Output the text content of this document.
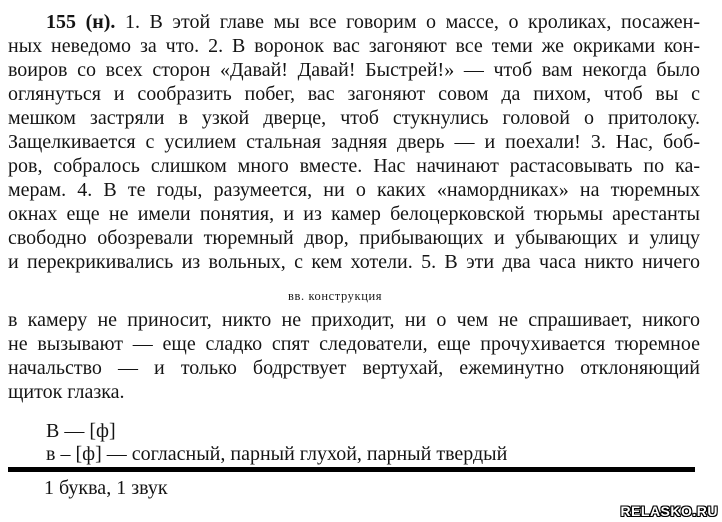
155 (н). 1. В этой главе мы все говорим о массе, о кроликах, посажен-
ных неведомо за что. 2. В воронок вас загоняют все теми же окриками кон-
воиров со всех сторон «Давай! Давай! Быстрей!» — чтоб вам некогда было
оглянуться и сообразить побег, вас загоняют совом да пихом, чтоб вы с
мешком застряли в узкой дверце, чтоб стукнулись головой о притолоку.
Защелкивается с усилием стальная задняя дверь — и поехали! 3. Нас, боб-
ров, собралось слишком много вместе. Нас начинают растасовывать по ка-
мерам. 4. В те годы, разумеется, ни о каких «намордниках» на тюремных
окнах еще не имели понятия, и из камер белоцерковской тюрьмы арестанты
свободно обозревали тюремный двор, прибывающих и убывающих и улицу
и перекрикивались из вольных, с кем хотели. 5. В эти два часа никто ничего
вв. конструкция
в камеру не приносит, никто не приходит, ни о чем не спрашивает, никого
не вызывают — еще сладко спят следователи, еще прочухивается тюремное
начальство — и только бодрствует вертухай, ежеминутно отклоняющий
щиток глазка.
В — [ф]
в – [ф] — согласный, парный глухой, парный твердый
1 буква, 1 звук
RELASKO.RU
